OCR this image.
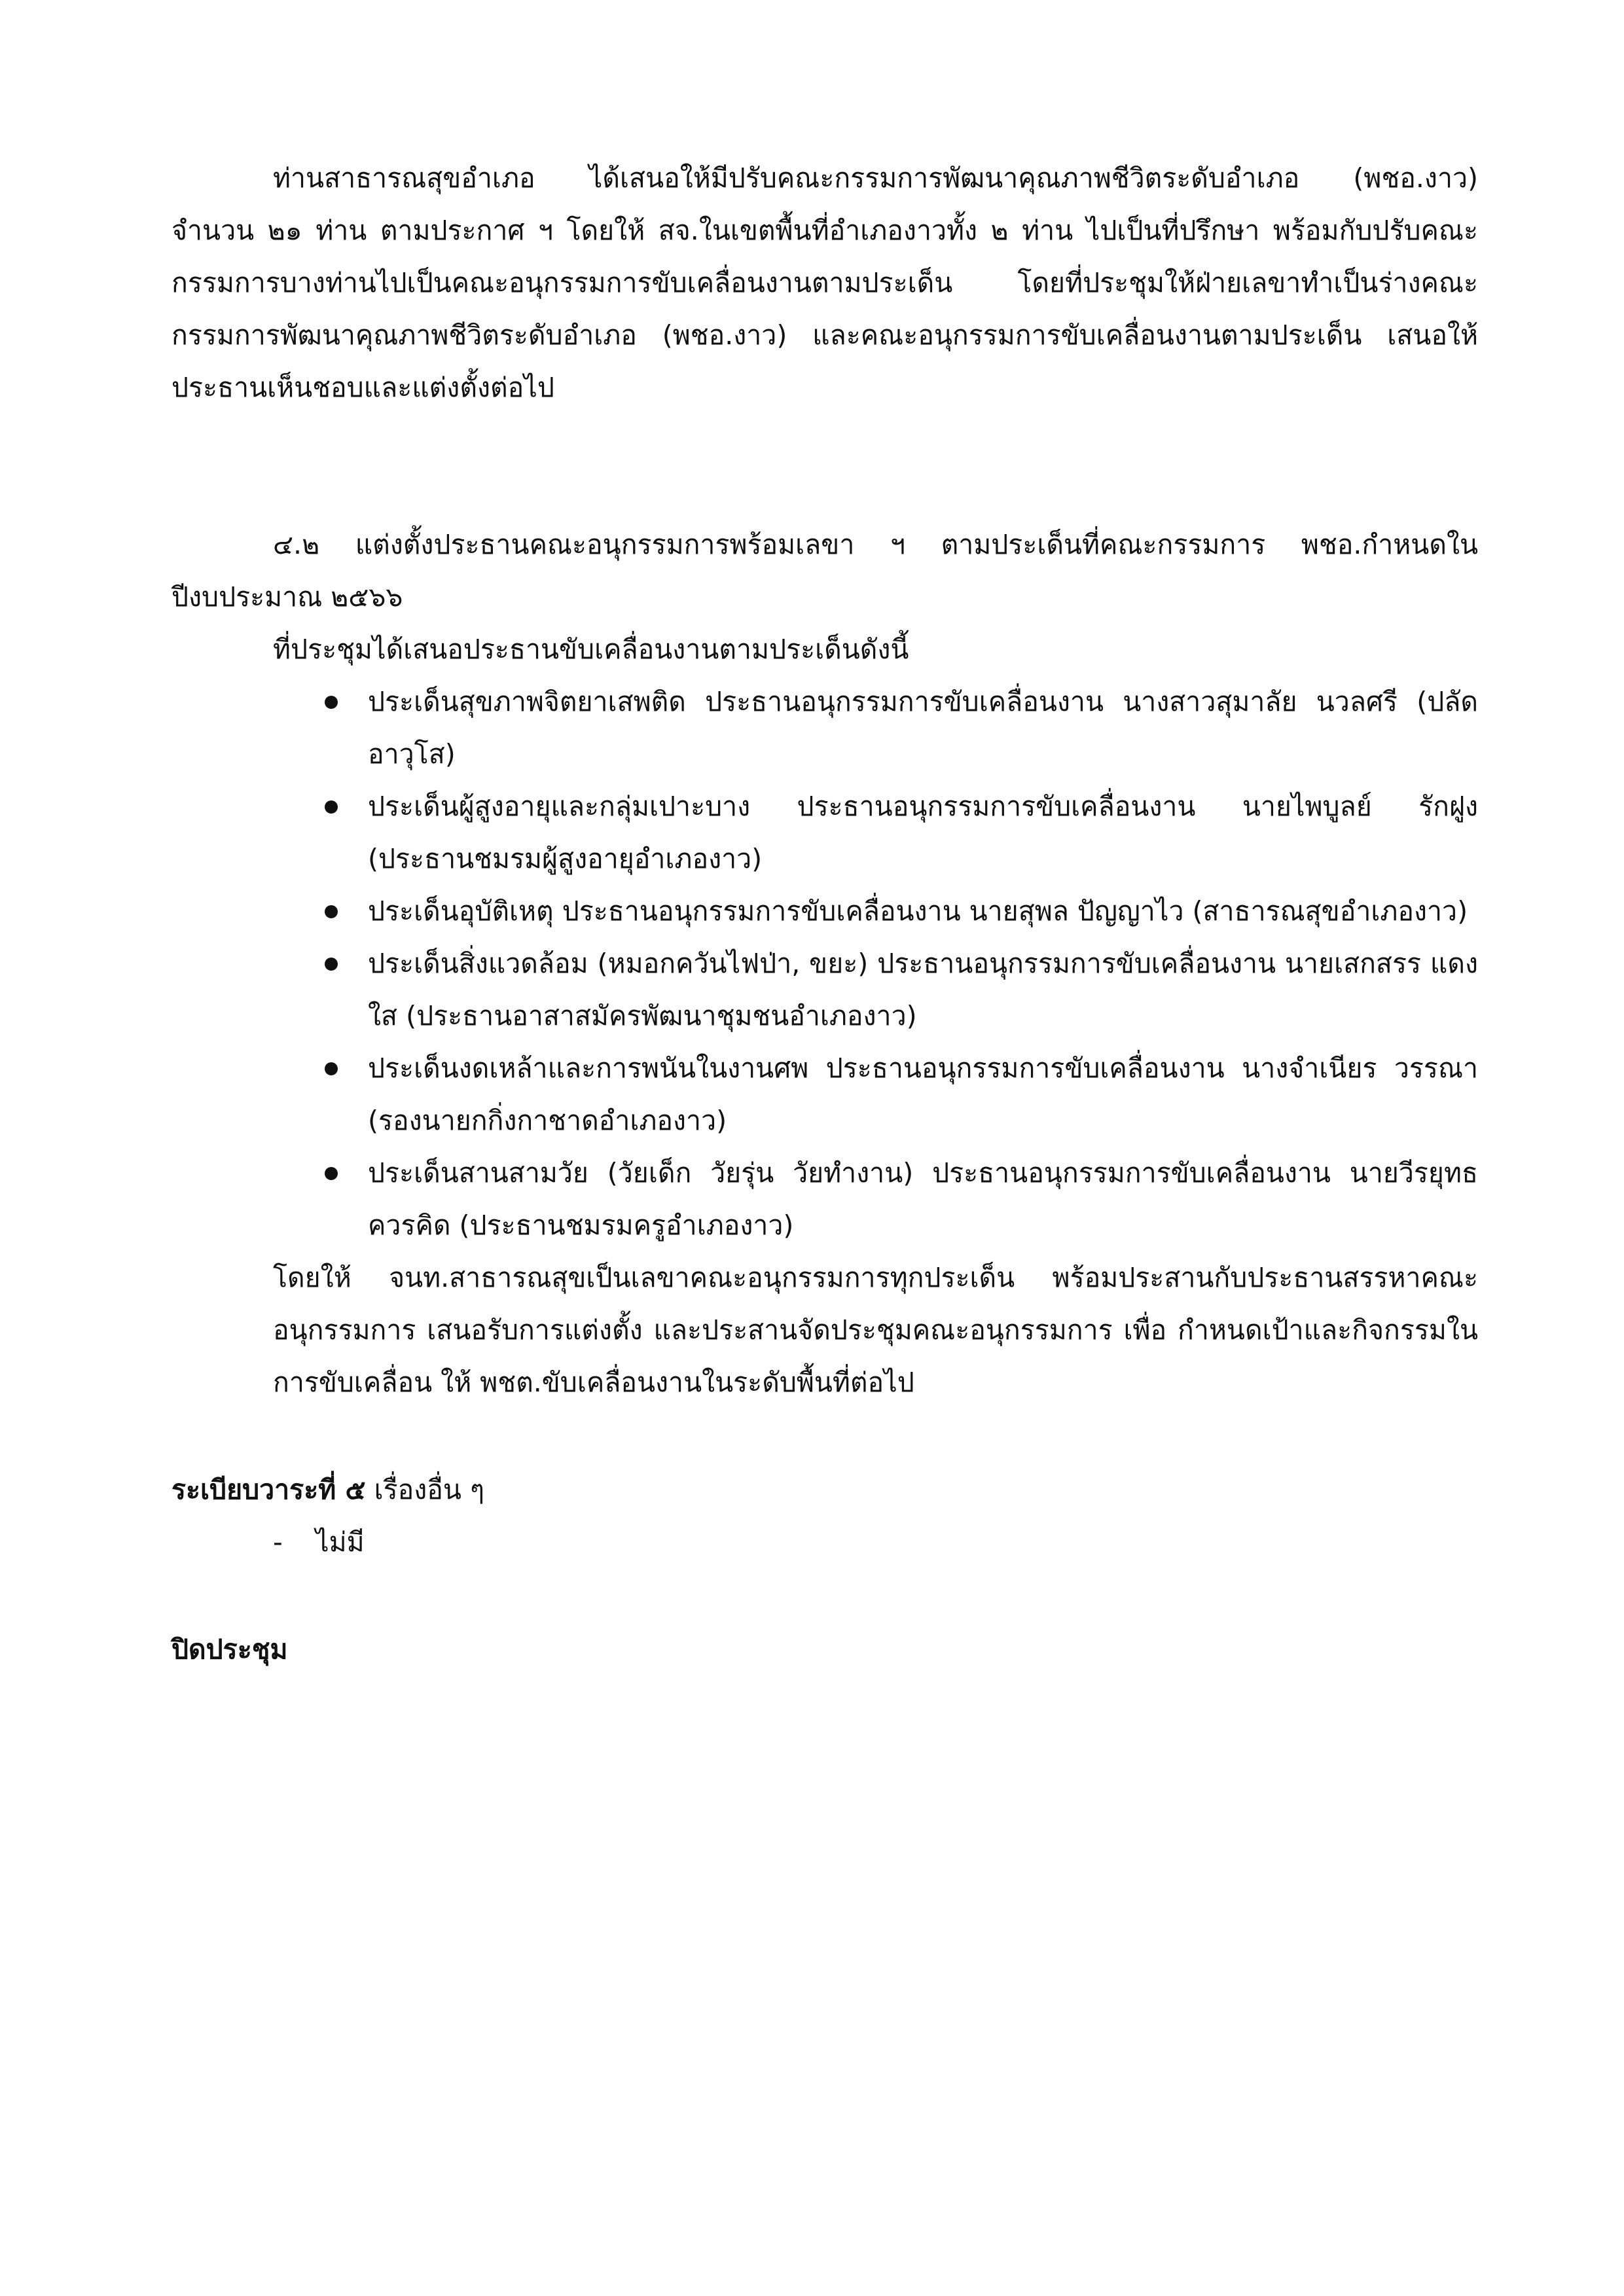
ท่านสาธารณสุขอำเภอ ได้เสนอให้มีปรับคณะกรรมการพัฒนาคุณภาพชีวิตระดับอำเภอ (พชอ.งาว) จำนวน ๒๑ ท่าน ตามประกาศ ฯ โดยให้ สจ.ในเขตพื้นที่อำเภองาวทั้ง ๒ ท่าน ไปเป็นที่ปรึกษา พร้อมกับปรับคณะกรรมการบางท่านไปเป็นคณะอนุกรรมการขับเคลื่อนงานตามประเด็น โดยที่ประชุมให้ฝ่ายเลขาทำเป็นร่างคณะกรรมการพัฒนาคุณภาพชีวิตระดับอำเภอ (พชอ.งาว) และคณะอนุกรรมการขับเคลื่อนงานตามประเด็น เสนอให้ประธานเห็นชอบและแต่งตั้งต่อไป

๔.๒ แต่งตั้งประธานคณะอนุกรรมการพร้อมเลขา ฯ ตามประเด็นที่คณะกรรมการ พชอ.กำหนดในปีงบประมาณ ๒๕๖๖

ที่ประชุมได้เสนอประธานขับเคลื่อนงานตามประเด็นดังนี้

ประเด็นสุขภาพจิตยาเสพติด ประธานอนุกรรมการขับเคลื่อนงาน นางสาวสุมาลัย นวลศรี (ปลัดอาวุโส)
ประเด็นผู้สูงอายุและกลุ่มเปาะบาง ประธานอนุกรรมการขับเคลื่อนงาน นายไพบูลย์ รักฝูง (ประธานชมรมผู้สูงอายุอำเภองาว)
ประเด็นอุบัติเหตุ ประธานอนุกรรมการขับเคลื่อนงาน นายสุพล ปัญญาไว (สาธารณสุขอำเภองาว)
ประเด็นสิ่งแวดล้อม (หมอกควันไฟป่า, ขยะ) ประธานอนุกรรมการขับเคลื่อนงาน นายเสกสรร แดงใส (ประธานอาสาสมัครพัฒนาชุมชนอำเภองาว)
ประเด็นงดเหล้าและการพนันในงานศพ ประธานอนุกรรมการขับเคลื่อนงาน นางจำเนียร วรรณา (รองนายกกิ่งกาชาดอำเภองาว)
ประเด็นสานสามวัย (วัยเด็ก วัยรุ่น วัยทำงาน) ประธานอนุกรรมการขับเคลื่อนงาน นายวีรยุทธ ควรคิด (ประธานชมรมครูอำเภองาว)

โดยให้ จนท.สาธารณสุขเป็นเลขาคณะอนุกรรมการทุกประเด็น พร้อมประสานกับประธานสรรหาคณะอนุกรรมการ เสนอรับการแต่งตั้ง และประสานจัดประชุมคณะอนุกรรมการ เพื่อ กำหนดเป้าและกิจกรรมในการขับเคลื่อน ให้ พชต.ขับเคลื่อนงานในระดับพื้นที่ต่อไป

ระเบียบวาระที่ ๕ เรื่องอื่น ๆ

- ไม่มี

ปิดประชุม
